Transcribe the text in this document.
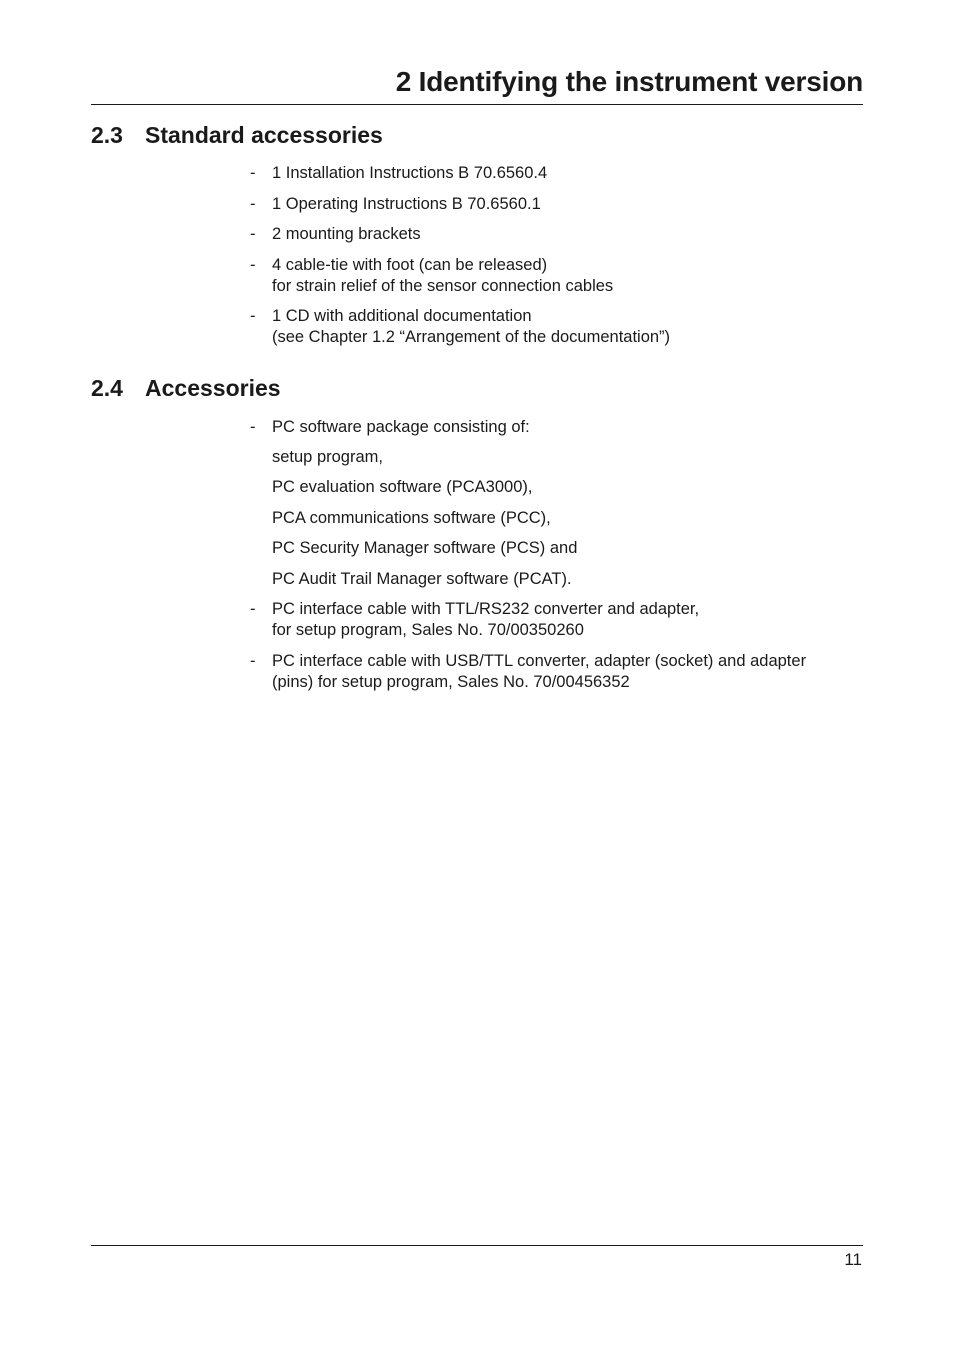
2 Identifying the instrument version
2.3 Standard accessories
- 1 Installation Instructions B 70.6560.4
- 1 Operating Instructions B 70.6560.1
- 2 mounting brackets
- 4 cable-tie with foot (can be released)
for strain relief of the sensor connection cables
- 1 CD with additional documentation
(see Chapter 1.2 “Arrangement of the documentation”)
2.4 Accessories
- PC software package consisting of:
setup program,
PC evaluation software (PCA3000),
PCA communications software (PCC),
PC Security Manager software (PCS) and
PC Audit Trail Manager software (PCAT).
- PC interface cable with TTL/RS232 converter and adapter,
for setup program, Sales No. 70/00350260
- PC interface cable with USB/TTL converter, adapter (socket) and adapter
(pins) for setup program, Sales No. 70/00456352
11
